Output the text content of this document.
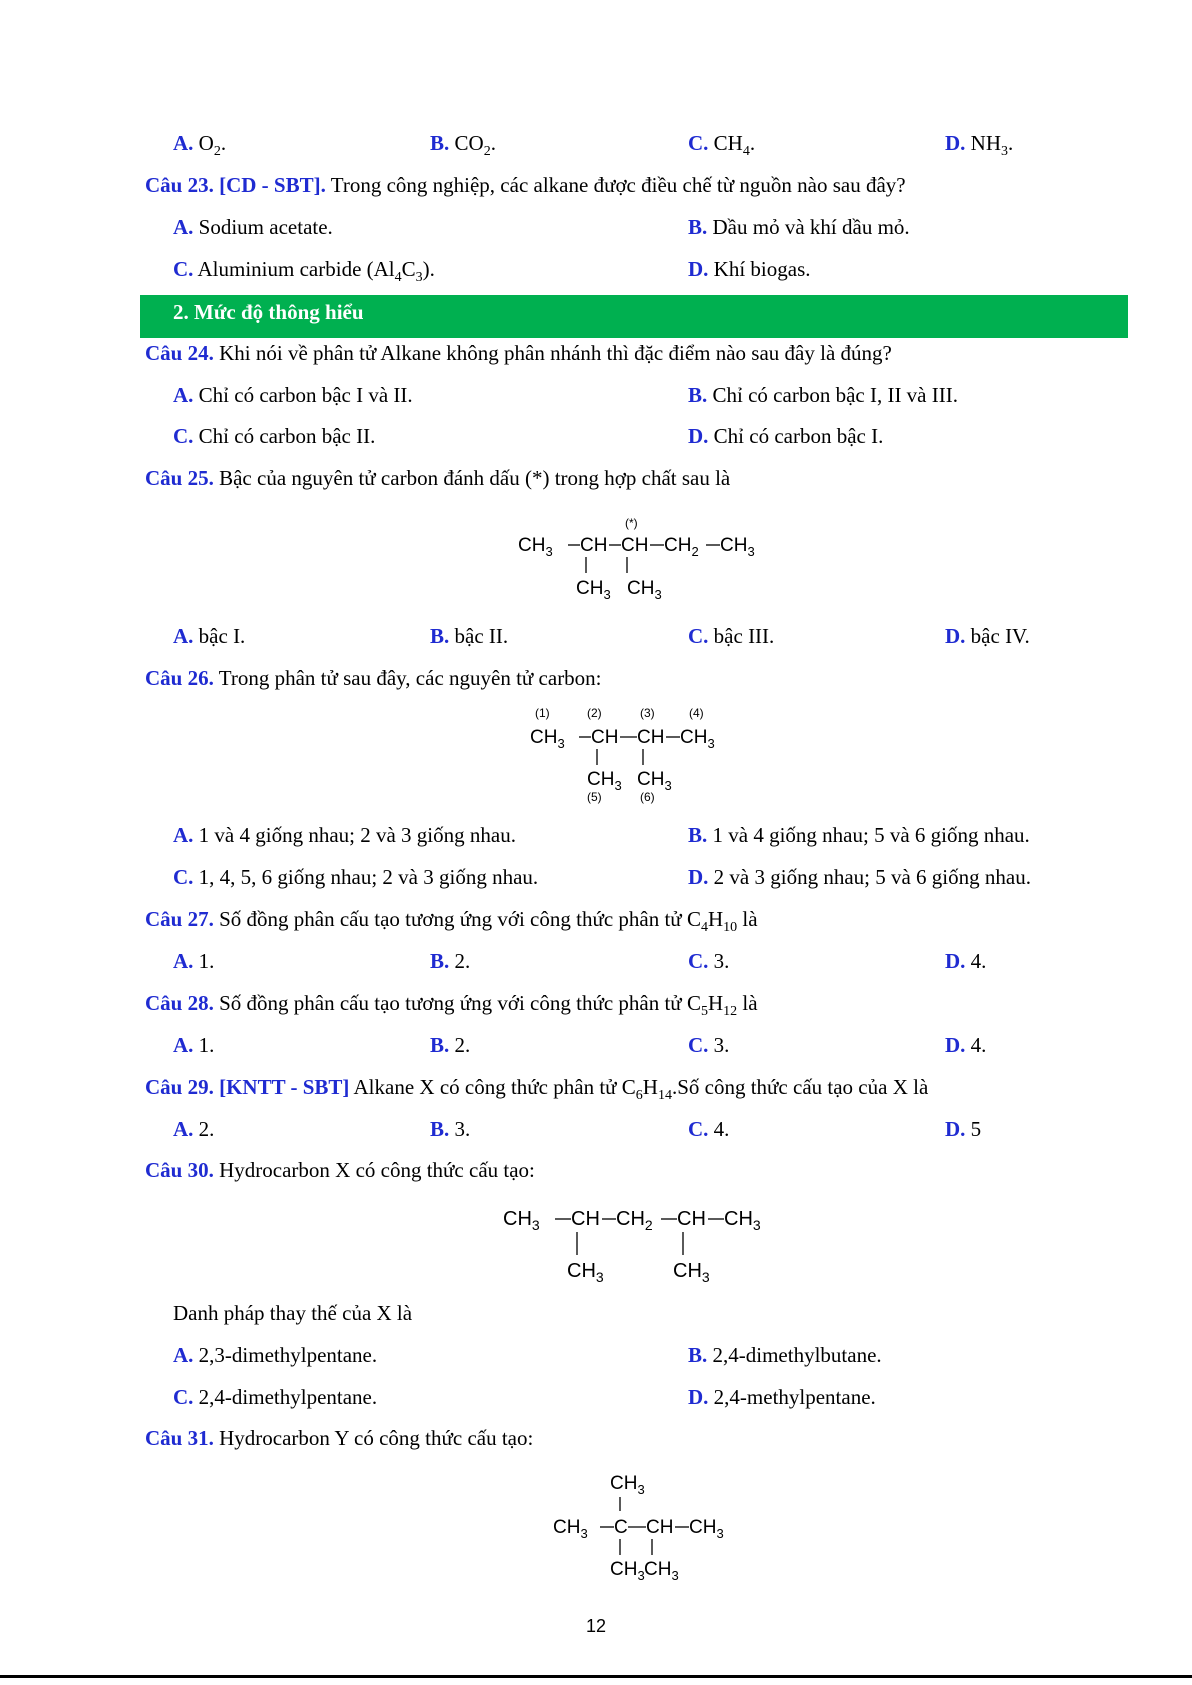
A. $O_2$.	B. $CO_2$.	C. $CH_4$.	D. $NH_3$.
Câu 23. [CD - SBT]. Trong công nghiệp, các alkane được điều chế từ nguồn nào sau đây?
A. Sodium acetate.	B. Dầu mỏ và khí dầu mỏ.
C. Aluminium carbide $(Al_4C_3)$.	D. Khí biogas.
2. Mức độ thông hiểu
Câu 24. Khi nói về phân tử Alkane không phân nhánh thì đặc điểm nào sau đây là đúng?
A. Chỉ có carbon bậc I và II.	B. Chỉ có carbon bậc I, II và III.
C. Chỉ có carbon bậc II.	D. Chỉ có carbon bậc I.
Câu 25. Bậc của nguyên tử carbon đánh dấu (*) trong hợp chất sau là
$CH_3$ CH
(*)
CH $CH_2$ $CH_3$
$CH_3$ $CH_3$
A. bậc I.	B. bậc II.	C. bậc III.	D. bậc IV.
Câu 26. Trong phân tử sau đây, các nguyên tử carbon:
(1)	(2)	(3)	(4)
(5)	(6)
$CH_3$ CH CH $CH_3$
$CH_3$ $CH_3$
A. 1 và 4 giống nhau; 2 và 3 giống nhau.	B. 1 và 4 giống nhau; 5 và 6 giống nhau.
C. 1, 4, 5, 6 giống nhau; 2 và 3 giống nhau.	D. 2 và 3 giống nhau; 5 và 6 giống nhau.
Câu 27. Số đồng phân cấu tạo tương ứng với công thức phân tử $C_4H_{10}$ là
A. 1.	B. 2.	C. 3.	D. 4.
Câu 28. Số đồng phân cấu tạo tương ứng với công thức phân tử $C_5H_{12}$ là
A. 1.	B. 2.	C. 3.	D. 4.
Câu 29. [KNTT - SBT] Alkane X có công thức phân tử $C_6H_{14}.Số$ công thức cấu tạo của X là
A. 2.	B. 3.	C. 4.	D. 5
Câu 30. Hydrocarbon X có công thức cấu tạo:
$CH_3$ CH $CH_2$ CH $CH_3$
$CH_3$	$CH_3$
Danh pháp thay thế của X là
A. 2,3-dimethylpentane.	B. 2,4-dimethylbutane.
C. 2,4-dimethylpentane.	D. 2,4-methylpentane.
Câu 31. Hydrocarbon Y có công thức cấu tạo:
$CH_3$
$CH_3$ C CH $CH_3$
$CH_3$ $CH_3$
12
